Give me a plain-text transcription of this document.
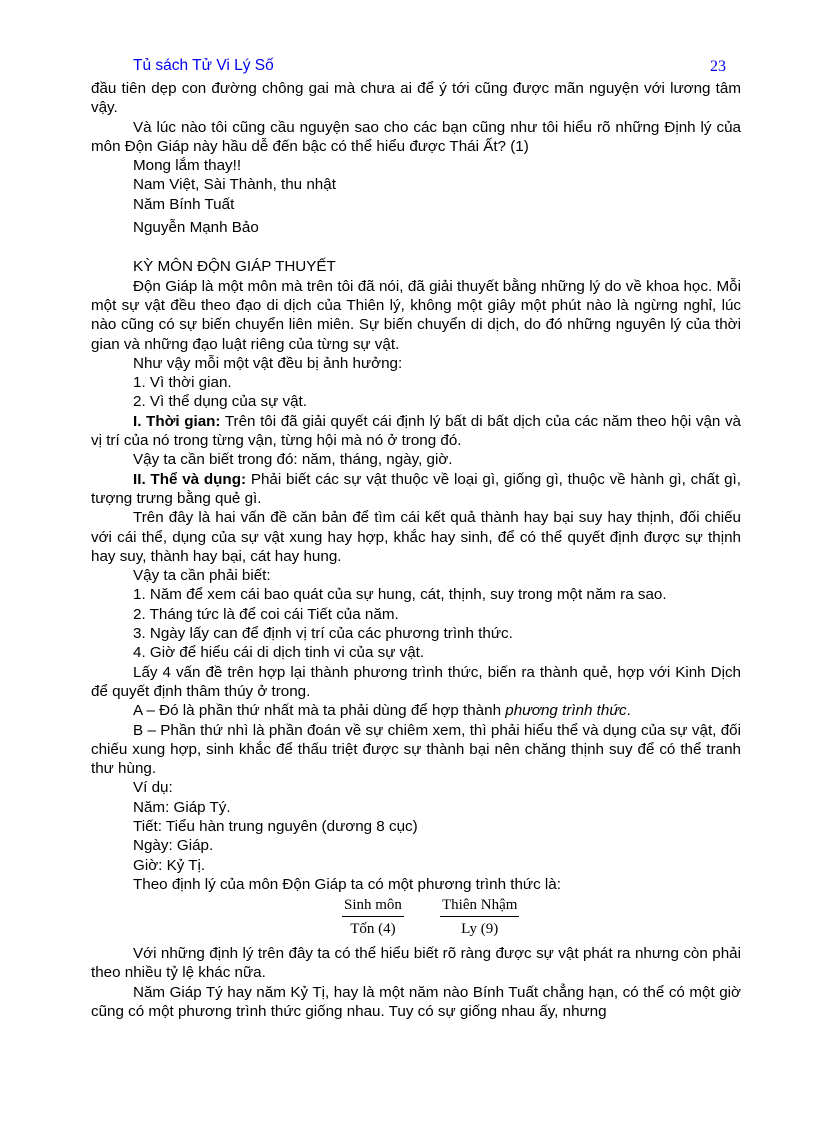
Tủ sách Tử Vi Lý Số	23

đầu tiên dẹp con đường chông gai mà chưa ai để ý tới cũng được mãn nguyện với lương tâm vậy.

Và lúc nào tôi cũng cầu nguyện sao cho các bạn cũng như tôi hiểu rõ những Định lý của môn Độn Giáp này hầu dễ đến bậc có thể hiểu được Thái Ất? (1)

Mong lắm thay!!

Nam Việt, Sài Thành, thu nhật

Năm Bính Tuất

Nguyễn Mạnh Bảo

KỲ MÔN ĐỘN GIÁP THUYẾT

Độn Giáp là một môn mà trên tôi đã nói, đã giải thuyết bằng những lý do về khoa học. Mỗi một sự vật đều theo đạo di dịch của Thiên lý, không một giây một phút nào là ngừng nghỉ, lúc nào cũng có sự biến chuyển liên miên. Sự biến chuyển di dịch, do đó những nguyên lý của thời gian và những đạo luật riêng của từng sự vật.

Như vậy mỗi một vật đều bị ảnh hưởng:

1. Vì thời gian.

2. Vì thể dụng của sự vật.

I. Thời gian: Trên tôi đã giải quyết cái định lý bất di bất dịch của các năm theo hội vận và vị trí của nó trong từng vận, từng hội mà nó ở trong đó.

Vậy ta cần biết trong đó: năm, tháng, ngày, giờ.

II. Thể và dụng: Phải biết các sự vật thuộc về loại gì, giống gì, thuộc về hành gì, chất gì, tượng trưng bằng quẻ gì.

Trên đây là hai vấn đề căn bản để tìm cái kết quả thành hay bại suy hay thịnh, đối chiếu với cái thể, dụng của sự vật xung hay hợp, khắc hay sinh, để có thể quyết định được sự thịnh hay suy, thành hay bại, cát hay hung.

Vậy ta cần phải biết:

1. Năm để xem cái bao quát của sự hung, cát, thịnh, suy trong một năm ra sao.

2. Tháng tức là để coi cái Tiết của năm.

3. Ngày lấy can để định vị trí của các phương trình thức.

4. Giờ để hiểu cái di dịch tinh vi của sự vật.

Lấy 4 vấn đề trên hợp lại thành phương trình thức, biến ra thành quẻ, hợp với Kinh Dịch để quyết định thâm thúy ở trong.

A – Đó là phần thứ nhất mà ta phải dùng để hợp thành phương trình thức.

B – Phần thứ nhì là phần đoán về sự chiêm xem, thì phải hiểu thể và dụng của sự vật, đối chiếu xung hợp, sinh khắc để thấu triệt được sự thành bại nên chăng thịnh suy để có thể tranh thư hùng.

Ví dụ:

Năm: Giáp Tý.

Tiết: Tiểu hàn trung nguyên (dương 8 cục)

Ngày: Giáp.

Giờ: Kỷ Tị.

Theo định lý của môn Độn Giáp ta có một phương trình thức là:

Sinh môn
Tốn (4)
Thiên Nhậm
Ly (9)

Với những định lý trên đây ta có thể hiểu biết rõ ràng được sự vật phát ra nhưng còn phải theo nhiều tỷ lệ khác nữa.

Năm Giáp Tý hay năm Kỷ Tị, hay là một năm nào Bính Tuất chẳng hạn, có thể có một giờ cũng có một phương trình thức giống nhau. Tuy có sự giống nhau ấy, nhưng
